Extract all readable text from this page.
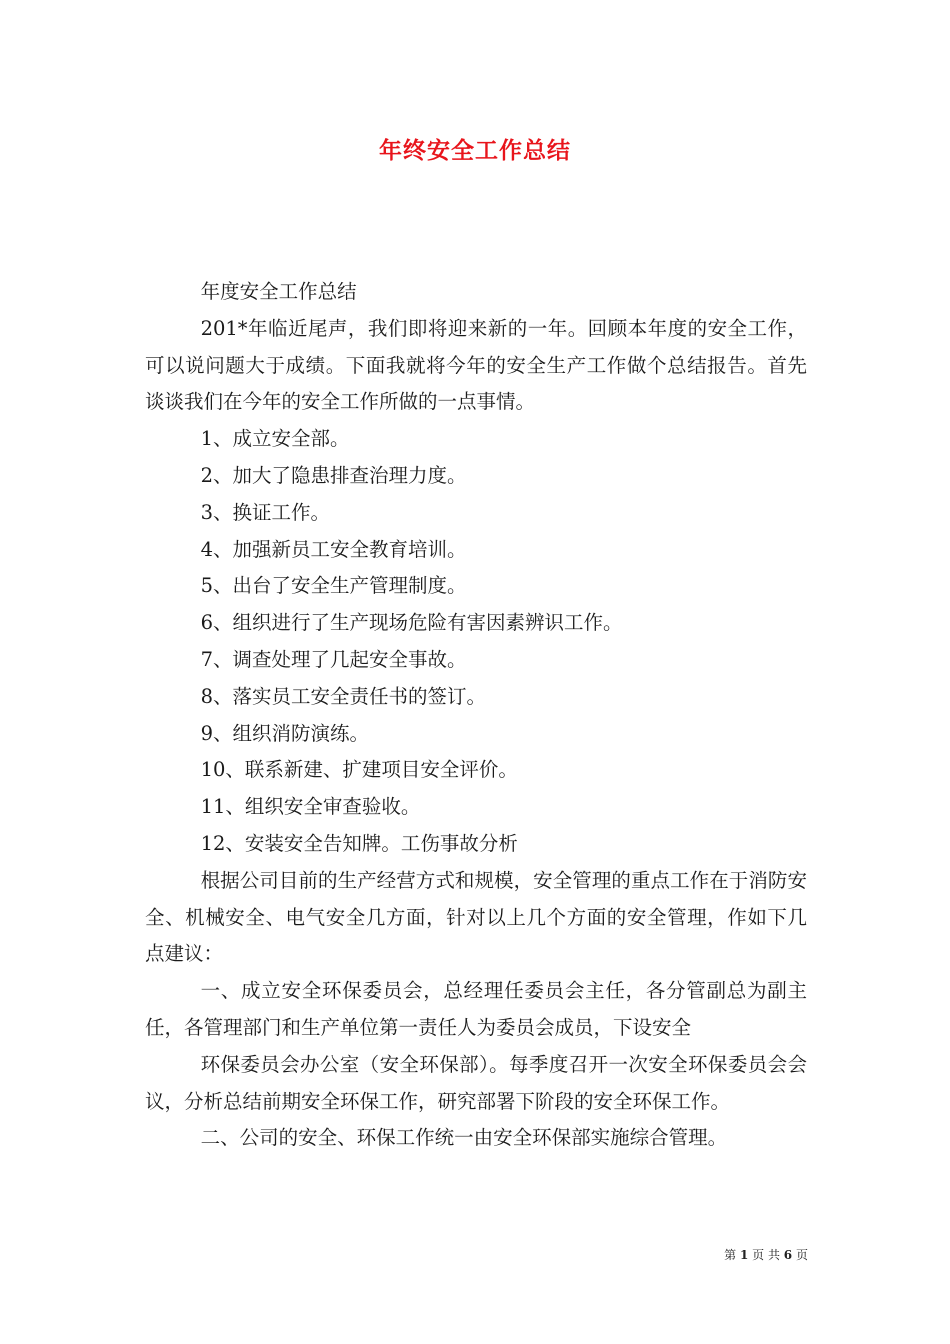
年终安全工作总结

年度安全工作总结

201*年临近尾声，我们即将迎来新的一年。回顾本年度的安全工作，可以说问题大于成绩。下面我就将今年的安全生产工作做个总结报告。首先谈谈我们在今年的安全工作所做的一点事情。

1、成立安全部。

2、加大了隐患排查治理力度。

3、换证工作。

4、加强新员工安全教育培训。

5、出台了安全生产管理制度。

6、组织进行了生产现场危险有害因素辨识工作。

7、调查处理了几起安全事故。

8、落实员工安全责任书的签订。

9、组织消防演练。

10、联系新建、扩建项目安全评价。

11、组织安全审查验收。

12、安装安全告知牌。工伤事故分析

根据公司目前的生产经营方式和规模，安全管理的重点工作在于消防安全、机械安全、电气安全几方面，针对以上几个方面的安全管理，作如下几点建议：

一、成立安全环保委员会，总经理任委员会主任，各分管副总为副主任，各管理部门和生产单位第一责任人为委员会成员，下设安全

环保委员会办公室（安全环保部）。每季度召开一次安全环保委员会会议，分析总结前期安全环保工作，研究部署下阶段的安全环保工作。

二、公司的安全、环保工作统一由安全环保部实施综合管理。

第 1 页 共 6 页
